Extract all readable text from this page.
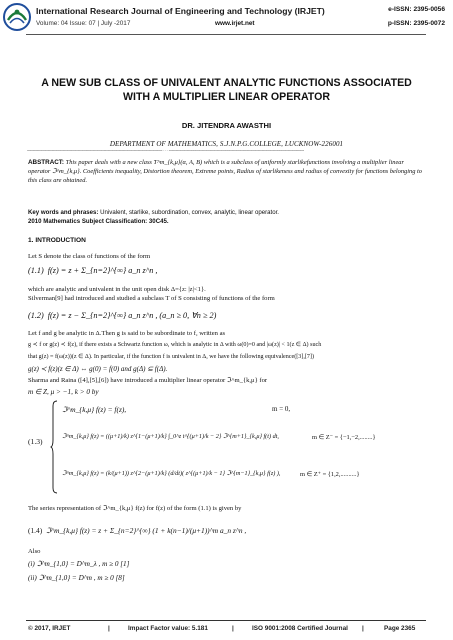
International Research Journal of Engineering and Technology (IRJET)
Volume: 04 Issue: 07 | July -2017	www.irjet.net
e-ISSN: 2395-0056
p-ISSN: 2395-0072
A NEW SUB CLASS OF UNIVALENT ANALYTIC FUNCTIONS ASSOCIATED
WITH A MULTIPLIER LINEAR OPERATOR
DR. JITENDRA AWASTHI
DEPARTMENT OF MATHEMATICS, S.J.N.P.G.COLLEGE, LUCKNOW-226001
---------------------------------------------------------------------------------------------------***---------------------------------------------------------------------------------------------------
ABSTRACT: This paper deals with a new class T^m_{k,μ}(α, A, B) which is a subclass of uniformly starlikefunctions involving a multiplier linear operator ℑ^m_{k,μ}. Coefficients inequality, Distortion theorem, Extreme points, Radius of starlikeness and radius of convexity for functions belonging to this class are obtained.
Key words and phrases: Univalent, starlike, subordination, convex, analytic, linear operator.
2010 Mathematics Subject Classification: 30C45.
1. INTRODUCTION
Let S denote the class of functions of the form
(1.1) f(z) = z + Σ_{n=2}^{∞} a_n z^n ,
which are analytic and univalent in the unit open disk Δ={z: |z|<1}.
Silverman[9] had introduced and studied a subclass T of S consisting of functions of the form
(1.2) f(z) = z − Σ_{n=2}^{∞} a_n z^n , (a_n ≥ 0, ∀n ≥ 2)
Let f and g be analytic in Δ.Then g is said to be subordinate to f, written as
g ≺ f or g(z) ≺ f(z), if there exists a Schwartz function ω, which is analytic in Δ with ω(0)=0 and |ω(z)| < 1(z ∈ Δ) such
that g(z) = f(ω(z))(z ∈ Δ). In particular, if the function f is univalent in Δ, we have the following equivalence([3],[7])
g(z) ≺ f(z)(z ∈ Δ) ⇔ g(0) = f(0) and g(Δ) ⊆ f(Δ).
Sharma and Raina ([4],[5],[6]) have introduced a multiplier linear operator ℑ^m_{k,μ} for
m ∈ Z, μ > −1, k > 0 by
(1.3)
ℑ^m_{k,μ} f(z) = f(z),	m = 0,
ℑ^m_{k,μ} f(z) = ((μ+1)/k) z^{1−(μ+1)/k} ∫_0^z t^{(μ+1)/k − 2} ℑ^{m+1}_{k,μ} f(t) dt,	m ∈ Z⁻ = {−1,−2,........}
ℑ^m_{k,μ} f(z) = (k/(μ+1)) z^{2−(μ+1)/k} (d/dt)( z^{(μ+1)/k − 1} ℑ^{m−1}_{k,μ} f(z) ),	m ∈ Z⁺ = {1,2,..........}
The series representation of ℑ^m_{k,μ} f(z) for f(z) of the form (1.1) is given by
(1.4) ℑ^m_{k,μ} f(z) = z + Σ_{n=2}^{∞} (1 + k(n−1)/(μ+1))^m a_n z^n ,
Also
(i) ℑ^m_{1,0} = D^m_λ , m ≥ 0 [1]
(ii) ℑ^m_{1,0} = D^m , m ≥ 0 [8]
© 2017, IRJET	|	Impact Factor value: 5.181	|	ISO 9001:2008 Certified Journal |	Page 2365
